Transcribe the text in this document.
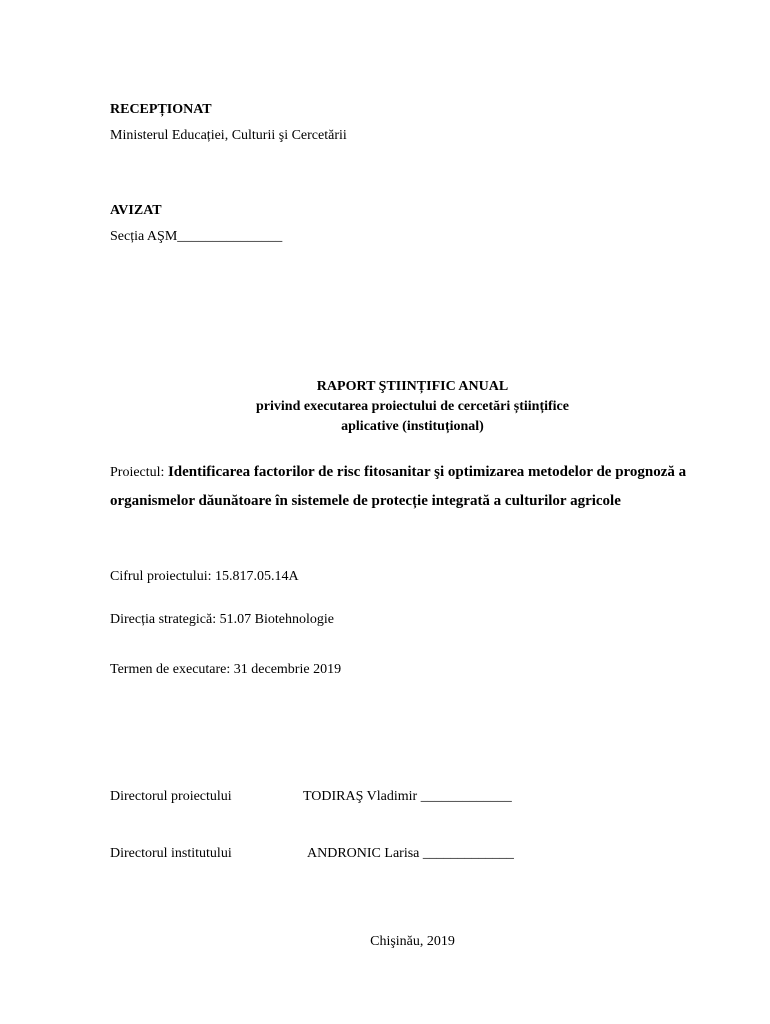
RECEPȚIONAT
Ministerul Educației, Culturii şi Cercetării
AVIZAT
Secția AŞM_______________
RAPORT ŞTIINȚIFIC ANUAL
privind executarea proiectului de cercetări științifice
aplicative (instituțional)
Proiectul: Identificarea factorilor de risc fitosanitar şi optimizarea metodelor de prognoză a organismelor dăunătoare în sistemele de protecție integrată a culturilor agricole
Cifrul proiectului: 15.817.05.14A
Direcția strategică: 51.07 Biotehnologie
Termen de executare: 31 decembrie 2019
Directorul proiectului	TODIRAŞ Vladimir _____________
Directorul institutului	ANDRONIC Larisa _____________
Chişinău, 2019
